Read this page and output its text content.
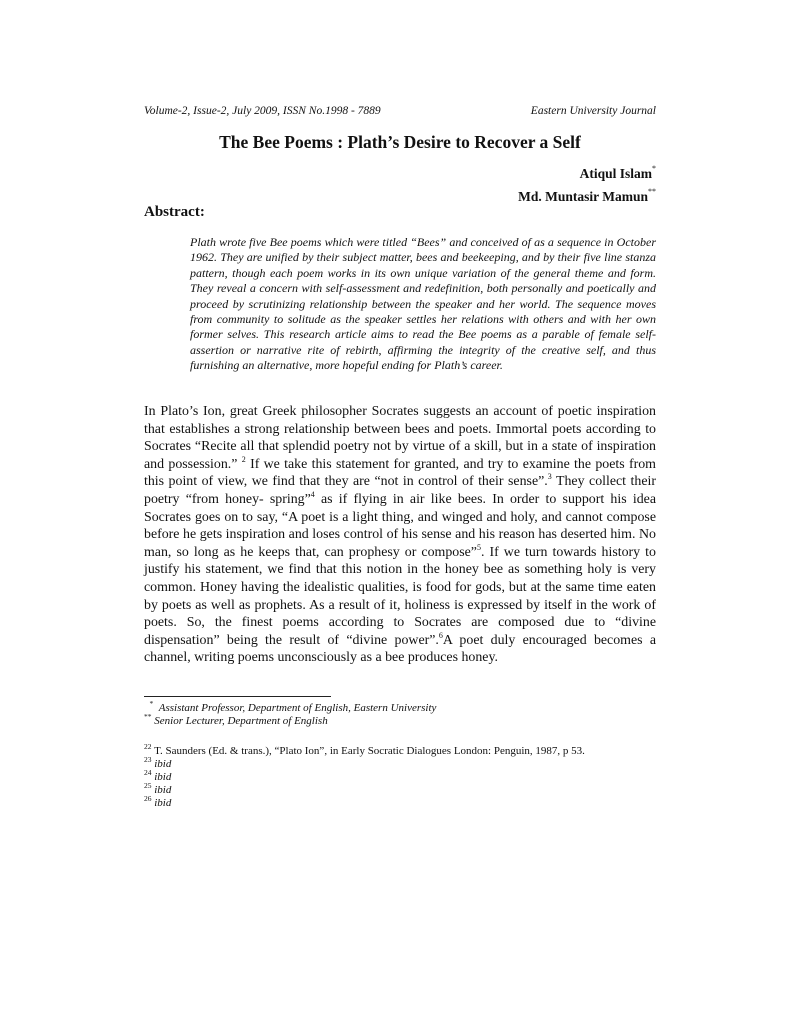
Volume-2, Issue-2, July 2009, ISSN No.1998 - 7889	Eastern University Journal
The Bee Poems : Plath’s Desire to Recover a Self
Atiqul Islam*
Md. Muntasir Mamun**
Abstract:

Plath wrote five Bee poems which were titled “Bees” and conceived of as a sequence in October 1962. They are unified by their subject matter, bees and beekeeping, and by their five line stanza pattern, though each poem works in its own unique variation of the general theme and form. They reveal a concern with self-assessment and redefinition, both personally and poetically and proceed by scrutinizing relationship between the speaker and her world. The sequence moves from community to solitude as the speaker settles her relations with others and with her own former selves. This research article aims to read the Bee poems as a parable of female self-assertion or narrative rite of rebirth, affirming the integrity of the creative self, and thus furnishing an alternative, more hopeful ending for Plath’s career.

In Plato’s Ion, great Greek philosopher Socrates suggests an account of poetic inspiration that establishes a strong relationship between bees and poets. Immortal poets according to Socrates “Recite all that splendid poetry not by virtue of a skill, but in a state of inspiration and possession.” $^2$ If we take this statement for granted, and try to examine the poets from this point of view, we find that they are “not in control of their sense”.$^3$ They collect their poetry “from honey- spring”$^4$ as if flying in air like bees. In order to support his idea Socrates goes on to say, “A poet is a light thing, and winged and holy, and cannot compose before he gets inspiration and loses control of his sense and his reason has deserted him. No man, so long as he keeps that, can prophesy or compose”$^5$. If we turn towards history to justify his statement, we find that this notion in the honey bee as something holy is very common. Honey having the idealistic qualities, is food for gods, but at the same time eaten by poets as well as prophets. As a result of it, holiness is expressed by itself in the work of poets. So, the finest poems according to Socrates are composed due to “divine dispensation” being the result of “divine power”.$^6$A poet duly encouraged becomes a channel, writing poems unconsciously as a bee produces honey.

* Assistant Professor, Department of English, Eastern University
** Senior Lecturer, Department of English
$^{22}$ T. Saunders (Ed. & trans.), “Plato Ion”, in Early Socratic Dialogues London: Penguin, 1987, p 53.
$^{23}$ ibid
$^{24}$ ibid
$^{25}$ ibid
$^{26}$ ibid
